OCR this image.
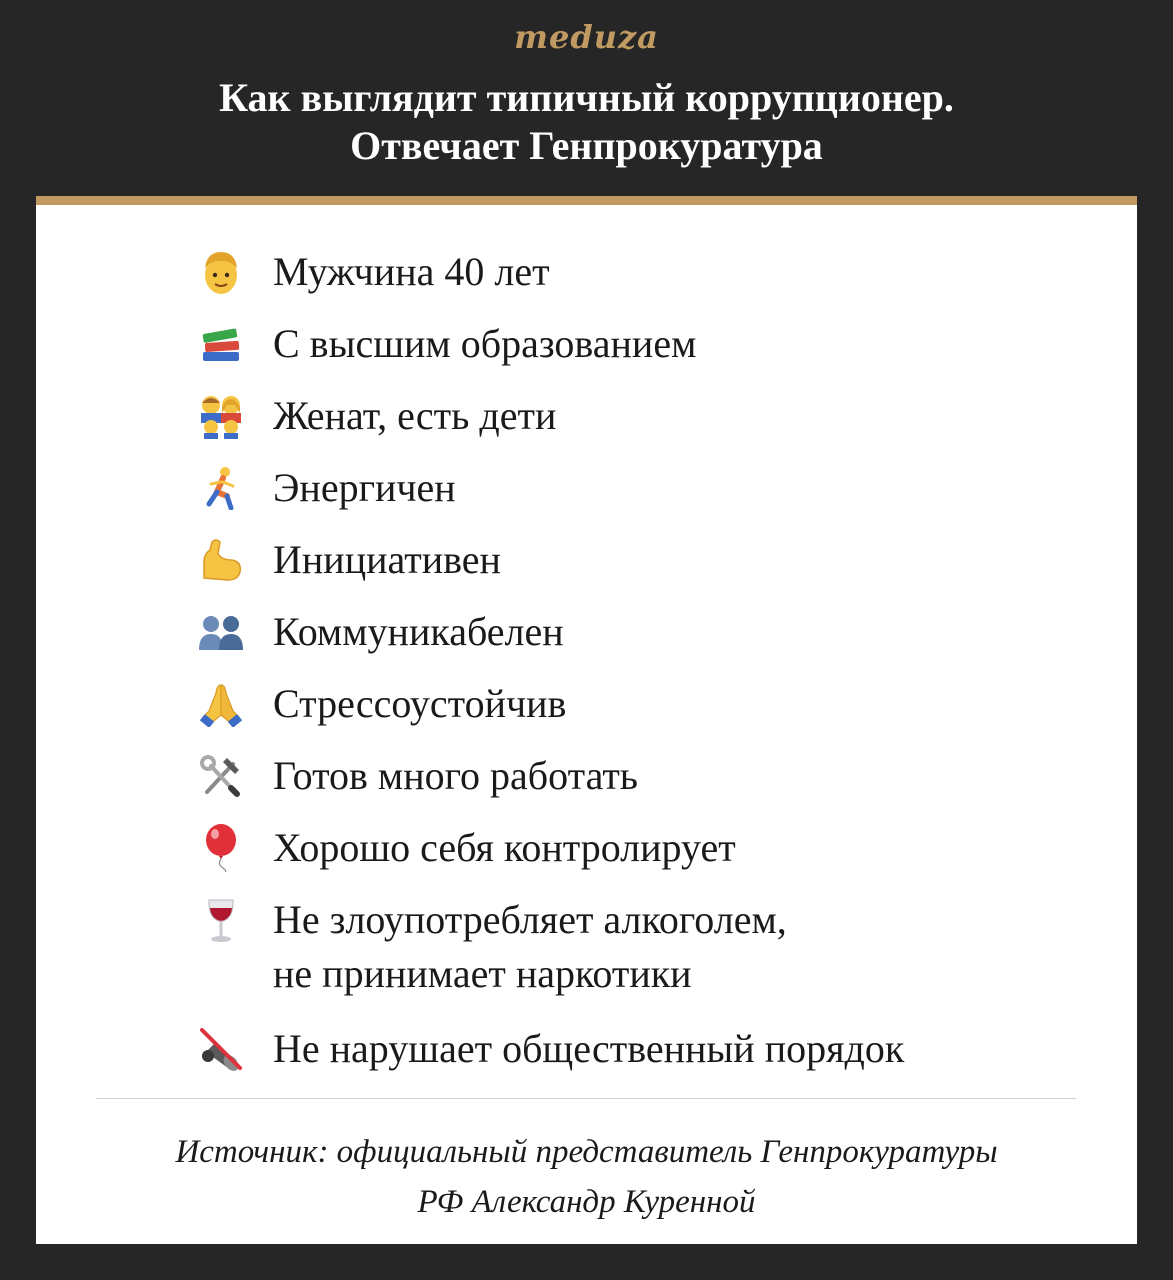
meduza
Как выглядит типичный коррупционер.
Отвечает Генпрокуратура
Мужчина 40 лет
С высшим образованием
Женат, есть дети
Энергичен
Инициативен
Коммуникабелен
Стрессоустойчив
Готов много работать
Хорошо себя контролирует
Не злоупотребляет алкоголем,
не принимает наркотики
Не нарушает общественный порядок
Источник: официальный представитель Генпрокуратуры
РФ Александр Куренной
